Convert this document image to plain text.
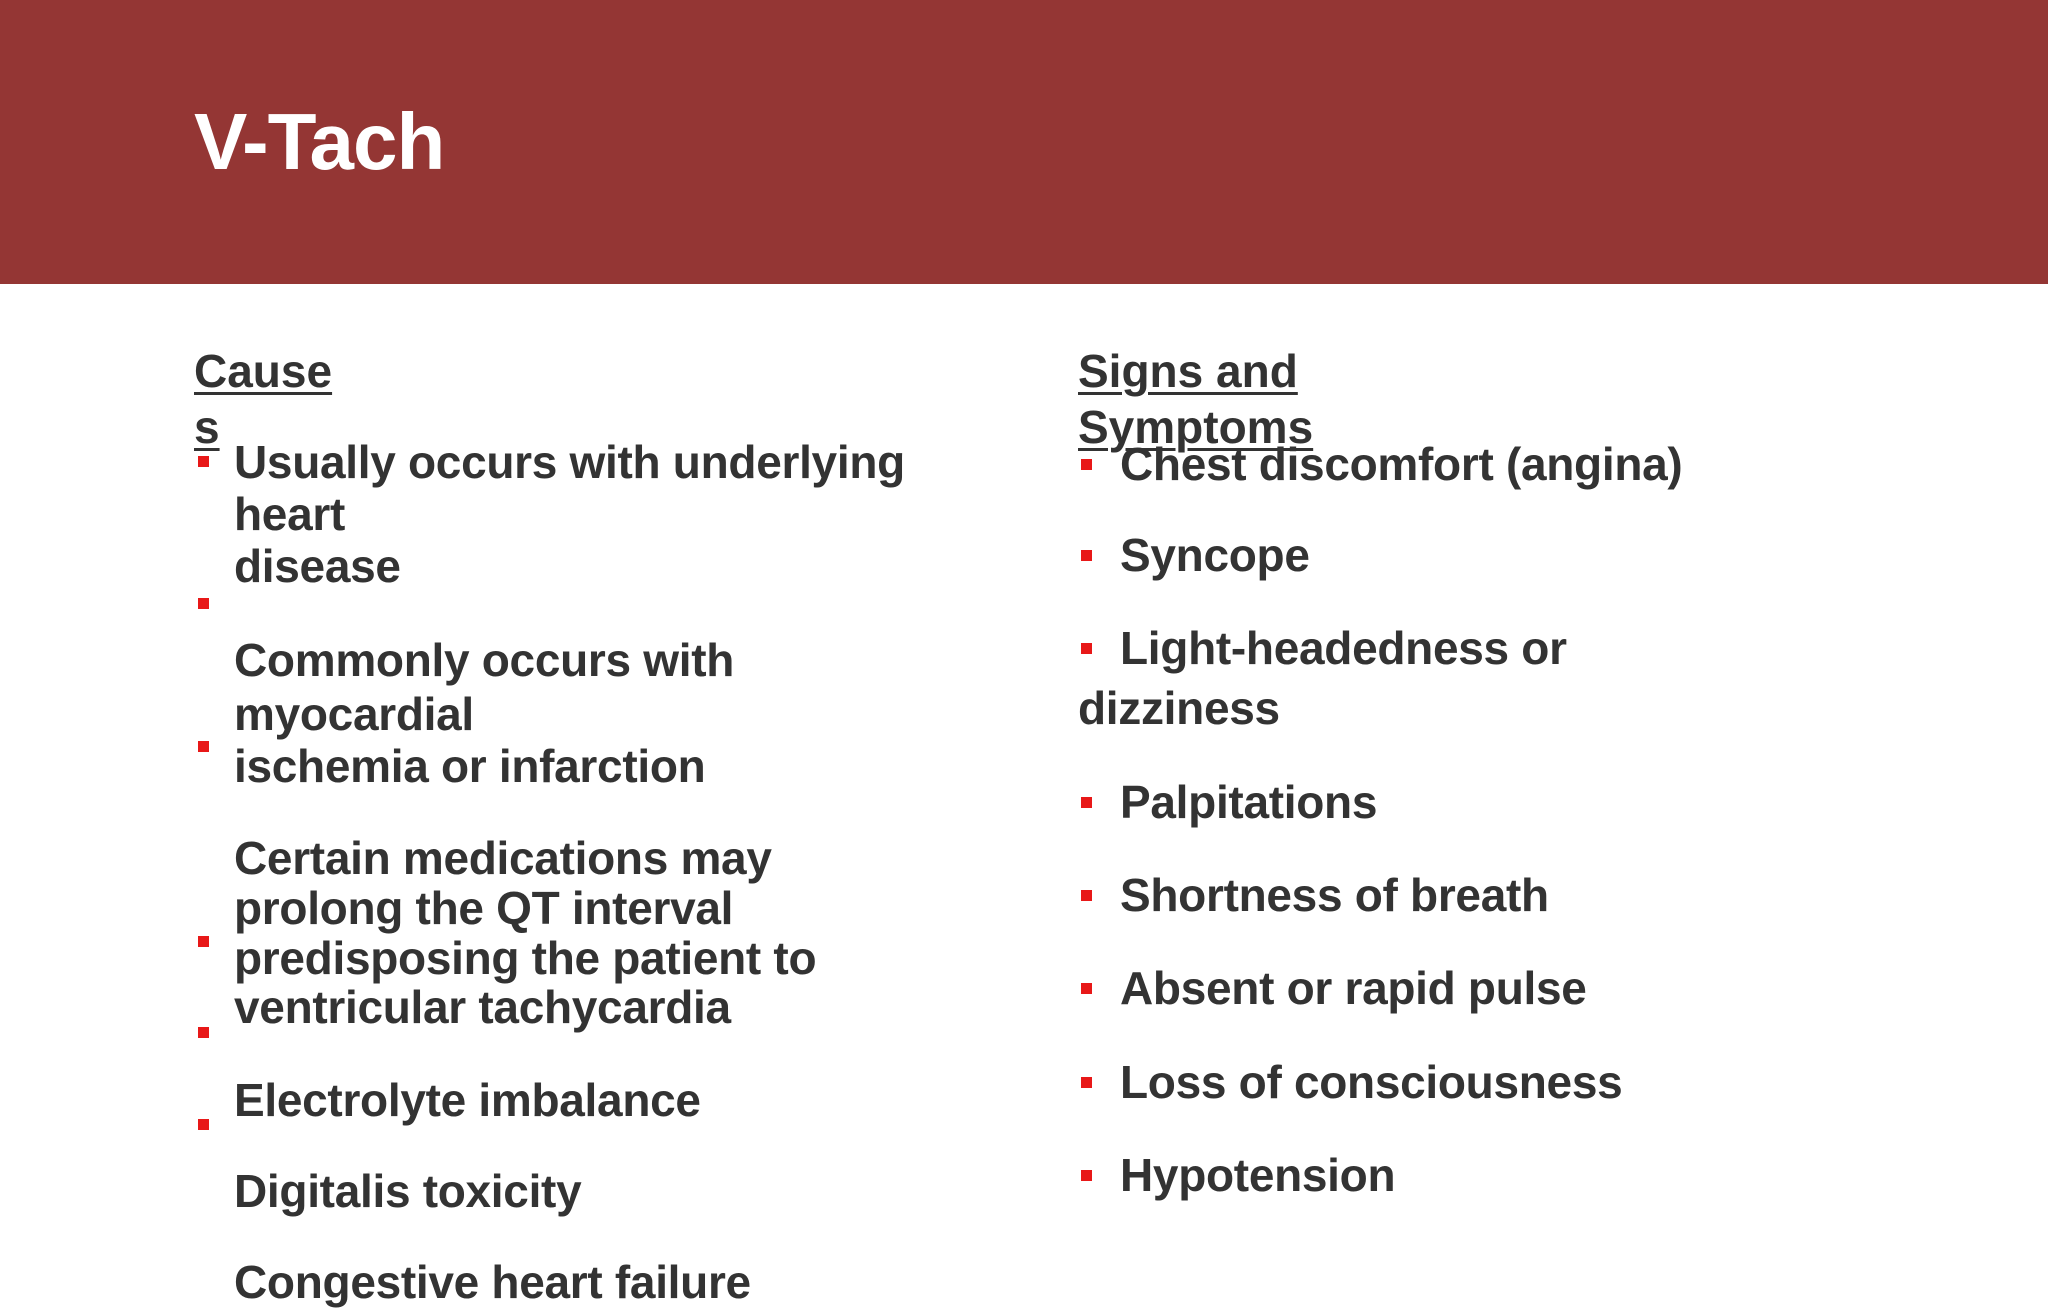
V-Tach
Causes
Usually occurs with underlying
heart
disease
Commonly occurs with
myocardial
ischemia or infarction
Certain medications may
prolong the QT interval
predisposing the patient to
ventricular tachycardia
Electrolyte imbalance
Digitalis toxicity
Congestive heart failure
Signs and Symptoms
Chest discomfort (angina)
Syncope
Light-headedness or
dizziness
Palpitations
Shortness of breath
Absent or rapid pulse
Loss of consciousness
Hypotension
